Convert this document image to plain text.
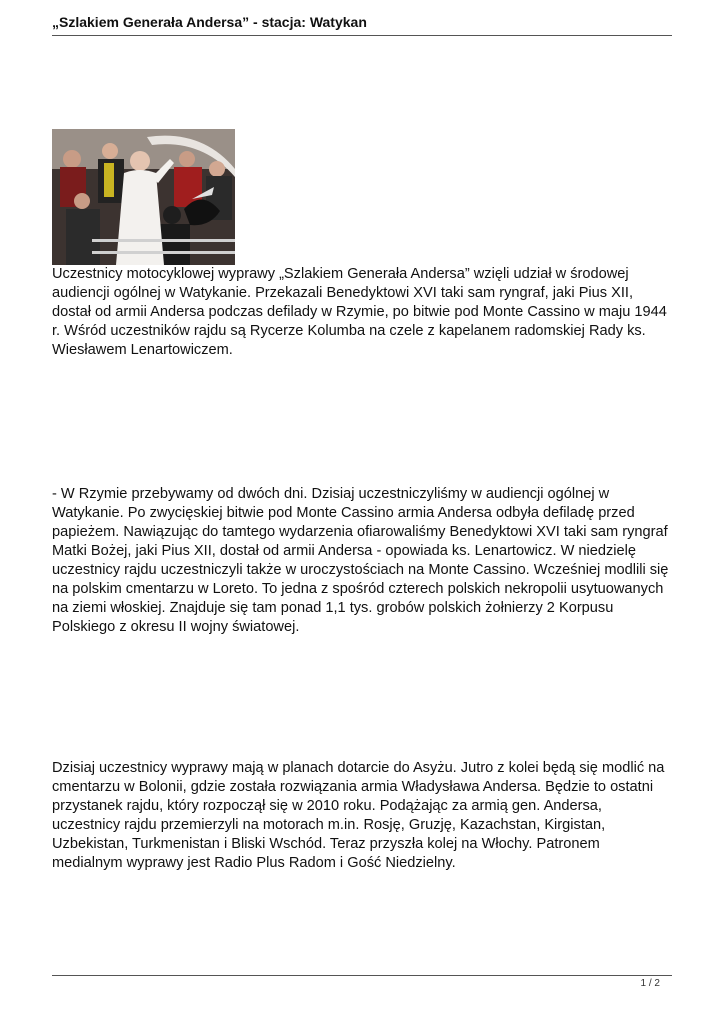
„Szlakiem Generała Andersa” - stacja: Watykan

Uczestnicy motocyklowej wyprawy „Szlakiem Generała Andersa” wzięli udział w środowej audiencji ogólnej w Watykanie. Przekazali Benedyktowi XVI taki sam ryngraf, jaki Pius XII, dostał od armii Andersa podczas defilady w Rzymie, po bitwie pod Monte Cassino w maju 1944 r. Wśród uczestników rajdu są Rycerze Kolumba na czele z kapelanem radomskiej Rady ks. Wiesławem Lenartowiczem.

- W Rzymie przebywamy od dwóch dni. Dzisiaj uczestniczyliśmy w audiencji ogólnej w Watykanie. Po zwycięskiej bitwie pod Monte Cassino armia Andersa odbyła defiladę przed papieżem. Nawiązując do tamtego wydarzenia ofiarowaliśmy Benedyktowi XVI taki sam ryngraf Matki Bożej, jaki Pius XII, dostał od armii Andersa - opowiada ks. Lenartowicz. W niedzielę uczestnicy rajdu uczestniczyli także w uroczystościach na Monte Cassino. Wcześniej modlili się na polskim cmentarzu w Loreto. To jedna z spośród czterech polskich nekropolii usytuowanych na ziemi włoskiej. Znajduje się tam ponad 1,1 tys. grobów polskich żołnierzy 2 Korpusu Polskiego z okresu II wojny światowej.

Dzisiaj uczestnicy wyprawy mają w planach dotarcie do Asyżu. Jutro z kolei będą się modlić na cmentarzu w Bolonii, gdzie została rozwiązania armia Władysława Andersa. Będzie to ostatni przystanek rajdu, który rozpoczął się w 2010 roku. Podążając za armią gen. Andersa, uczestnicy rajdu przemierzyli na motorach m.in. Rosję, Gruzję, Kazachstan, Kirgistan, Uzbekistan, Turkmenistan i Bliski Wschód. Teraz przyszła kolej na Włochy. Patronem medialnym wyprawy jest Radio Plus Radom i Gość Niedzielny.

1 / 2
